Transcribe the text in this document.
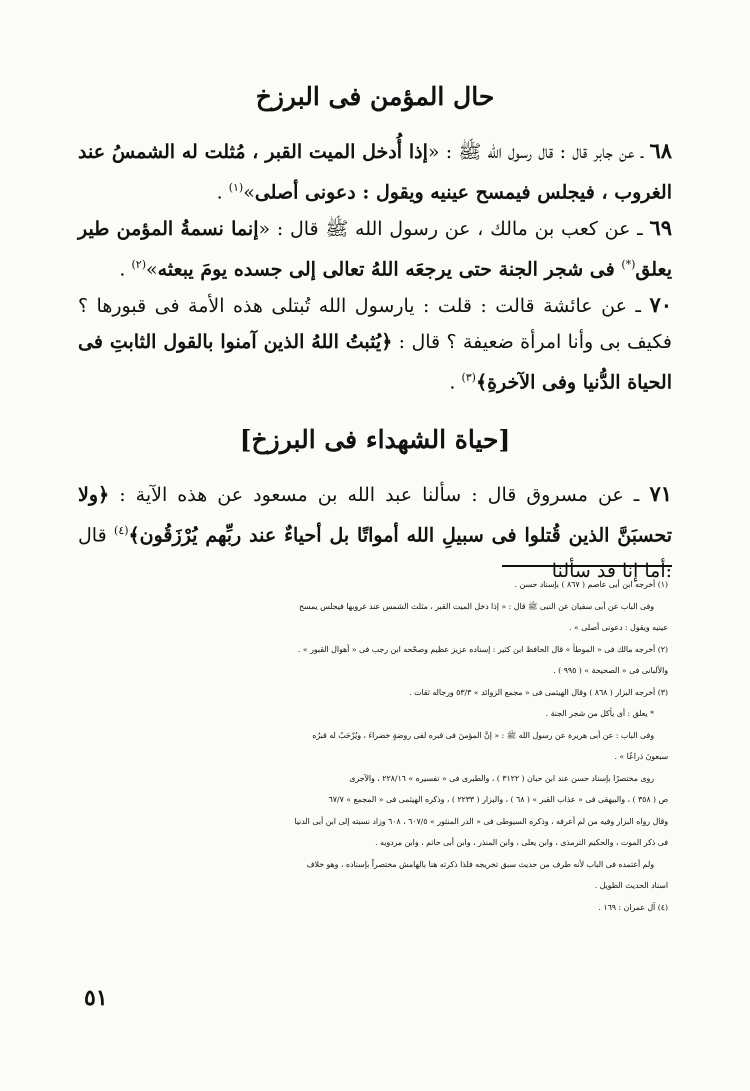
حال المؤمن فى البرزخ
٦٨ ـ عن جابر قال : قال رسول الله ﷺ : «إذا أُدخل الميت القبر ، مُثلت له الشمسُ عند الغروب ، فيجلس فيمسح عينيه ويقول : دعونى أصلى»$^{(١)}$ .
٦٩ ـ عن كعب بن مالك ، عن رسول الله ﷺ قال : «إنما نسمةُ المؤمن طير يعلق(*) فى شجر الجنة حتى يرجعَه اللهُ تعالى إلى جسده يومَ يبعثه»$^{(٢)}$ .
٧٠ ـ عن عائشة قالت : قلت : يارسول الله تُبتلى هذه الأمة فى قبورها ؟ فكيف بى وأنا امرأة ضعيفة ؟ قال : ﴿يُثبتُ اللهُ الذين آمنوا بالقول الثابتِ فى الحياة الدُّنيا وفى الآخرةِ﴾$^{(٣)}$ .
[حياة الشهداء فى البرزخ]
٧١ ـ عن مسروق قال : سألنا عبد الله بن مسعود عن هذه الآية : ﴿ولا تحسبَنَّ الذين قُتلوا فى سبيلِ الله أمواتًا بل أحياءٌ عند ربِّهم يُرْزَقُون﴾$^{(٤)}$ قال :أما إنا قد سألنا
(١) أخرجه ابن أبى عاصم ( ٨٦٧ ) بإسناد حسن .
وفى الباب عن أبى سفيان عن النبى ﷺ قال : « إذا دخل الميت القبر ، مثلث الشمس عند غروبها فيجلس يمسح
عينيه ويقول : دعونى أصلى » .
(٢) أخرجه مالك فى « الموطأ » قال الحافظ ابن كثير : إسناده عزيز عظيم وصحّحه ابن رجب فى « أهوال القبور » .
والألبانى فى « الصحيحة » ( ٩٩٥ ) .
(٣) أخرجه البزار ( ٨٦٨ ) وقال الهيثمى فى « مجمع الزوائد » ٥٣/٣ ورجاله ثقات .
* يعلق : أى يأكل من شجر الجنة .
وفى الباب : عن أبى هريرة عن رسول الله ﷺ : « إنَّ المؤمنَ فى قبره لفى روضةٍ خضراءَ ، ويُرْحَبُ له قبرُه
سبعونَ ذراعًا » .
روى مختصرًا بإسناد حسن عند ابن حبان ( ٣١٢٢ ) ، والطبرى فى « تفسيره » ٢٢٨/١٦ ، والآجرى
ص ( ٣٥٨ ) ، والبيهقى فى « عذاب القبر » ( ٦٨ ) ، والبزار ( ٢٢٣٣ ) ، وذكره الهيثمى فى « المجمع » ٦٧/٧
وقال رواه البزار وفيه من لم أعرفه ، وذكره السيوطى فى « الدر المنثور » ٦٠٧/٥ ، ٦٠٨ وزاد نسبته إلى ابن أبى الدنيا
فى ذكر الموت ، والحكيم الترمذى ، وابن يعلى ، وابن المنذر ، وابن أبى حاتم ، وابن مردويه .
ولم أعتمده فى الباب لأنه طرف من حديث سبق تخريجه فلذا ذكرته هنا بالهامش مختصراً بإسناده ، وهو خلاف
اسناد الحديث الطويل .
(٤) آل عمران : ١٦٩ .
٥١
